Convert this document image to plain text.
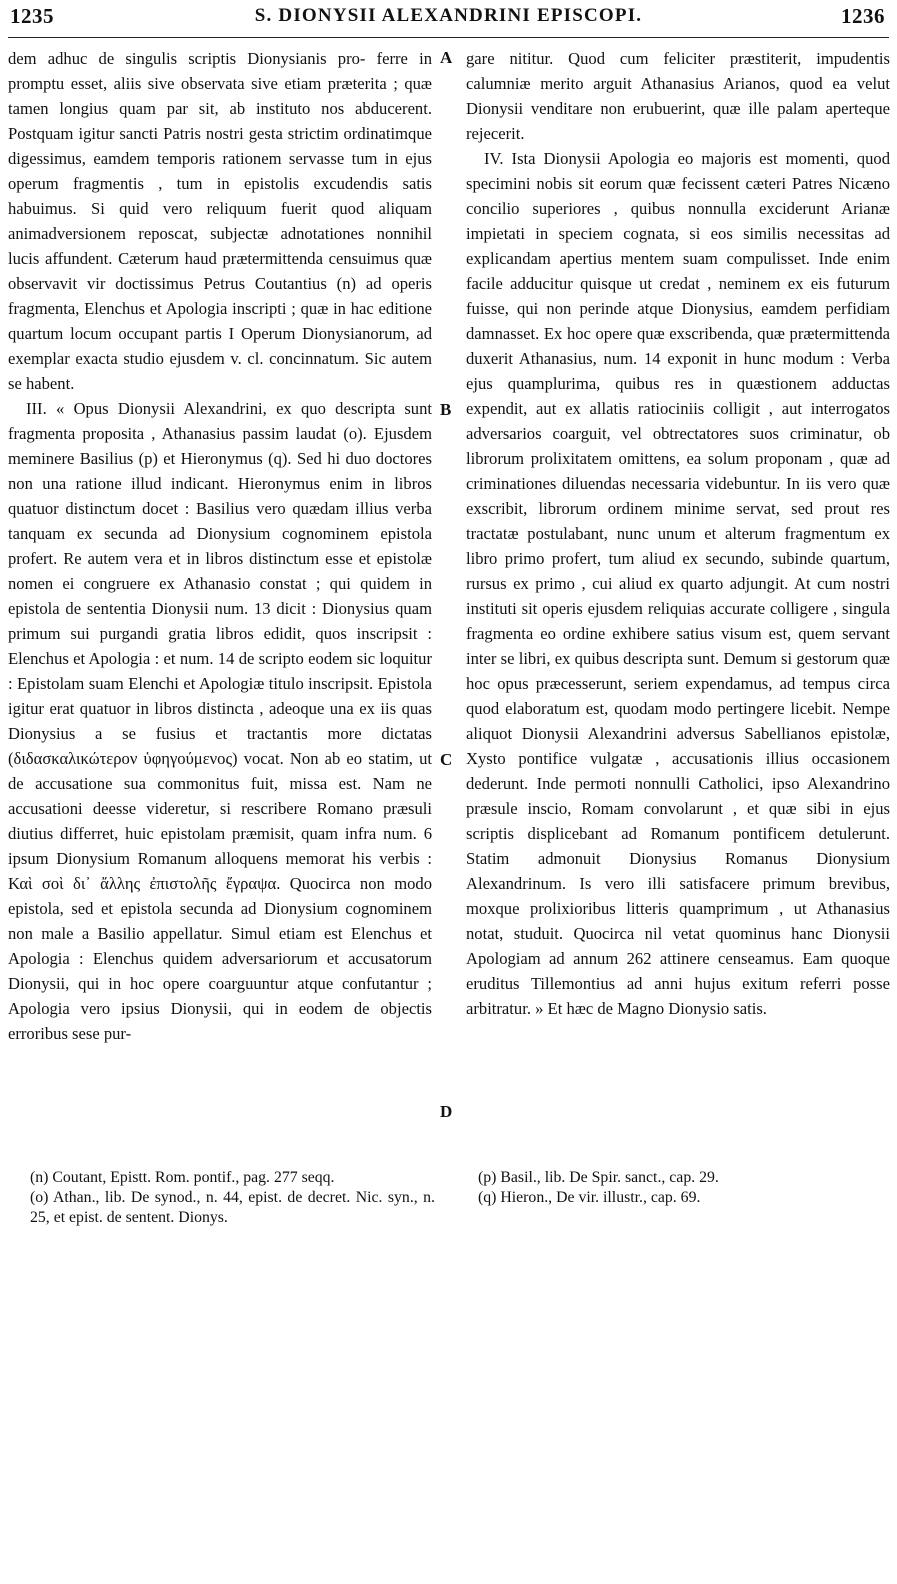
1235	S. DIONYSII ALEXANDRINI EPISCOPI.	1236

dem adhuc de singulis scriptis Dionysianis pro- ferre in promptu esset, aliis sive observata sive etiam præterita ; quæ tamen longius quam par sit, ab instituto nos abducerent. Postquam igitur sancti Patris nostri gesta strictim ordinatimque digessimus, eamdem temporis rationem servasse tum in ejus operum fragmentis , tum in epistolis excudendis satis habuimus. Si quid vero reliquum fuerit quod aliquam animadversionem reposcat, subjectæ adnotationes nonnihil lucis affundent. Cæterum haud prætermittenda censuimus quæ observavit vir doctissimus Petrus Coutantius (n) ad operis fragmenta, Elenchus et Apologia inscripti ; quæ in hac editione quartum locum occupant partis I Operum Dionysianorum, ad exemplar exacta studio ejusdem v. cl. concinnatum. Sic autem se habent.

III. « Opus Dionysii Alexandrini, ex quo descripta sunt fragmenta proposita , Athanasius passim laudat (o). Ejusdem meminere Basilius (p) et Hieronymus (q). Sed hi duo doctores non una ratione illud indicant. Hieronymus enim in libros quatuor distinctum docet : Basilius vero quædam illius verba tanquam ex secunda ad Dionysium cognominem epistola profert. Re autem vera et in libros distinctum esse et epistolæ nomen ei congruere ex Athanasio constat ; qui quidem in epistola de sententia Dionysii num. 13 dicit : Dionysius quam primum sui purgandi gratia libros edidit, quos inscripsit : Elenchus et Apologia : et num. 14 de scripto eodem sic loquitur : Epistolam suam Elenchi et Apologiæ titulo inscripsit. Epistola igitur erat quatuor in libros distincta , adeoque una ex iis quas Dionysius a se fusius et tractantis more dictatas (διδασκαλικώτερον ὑφηγούμενος) vocat. Non ab eo statim, ut de accusatione sua commonitus fuit, missa est. Nam ne accusationi deesse videretur, si rescribere Romano præsuli diutius differret, huic epistolam præmisit, quam infra num. 6 ipsum Dionysium Romanum alloquens memorat his verbis : Καὶ σοὶ δι᾽ ἄλλης ἐπιστολῆς ἔγραψα. Quocirca non modo epistola, sed et epistola secunda ad Dionysium cognominem non male a Basilio appellatur. Simul etiam est Elenchus et Apologia : Elenchus quidem adversariorum et accusatorum Dionysii, qui in hoc opere coarguuntur atque confutantur ; Apologia vero ipsius Dionysii, qui in eodem de objectis erroribus sese pur-

A
B
C
D

gare nititur. Quod cum feliciter præstiterit, impudentis calumniæ merito arguit Athanasius Arianos, quod ea velut Dionysii venditare non erubuerint, quæ ille palam aperteque rejecerit.

IV. Ista Dionysii Apologia eo majoris est momenti, quod specimini nobis sit eorum quæ fecissent cæteri Patres Nicæno concilio superiores , quibus nonnulla exciderunt Arianæ impietati in speciem cognata, si eos similis necessitas ad explicandam apertius mentem suam compulisset. Inde enim facile adducitur quisque ut credat , neminem ex eis futurum fuisse, qui non perinde atque Dionysius, eamdem perfidiam damnasset. Ex hoc opere quæ exscribenda, quæ prætermittenda duxerit Athanasius, num. 14 exponit in hunc modum : Verba ejus quamplurima, quibus res in quæstionem adductas expendit, aut ex allatis ratiociniis colligit , aut interrogatos adversarios coarguit, vel obtrectatores suos criminatur, ob librorum prolixitatem omittens, ea solum proponam , quæ ad criminationes diluendas necessaria videbuntur. In iis vero quæ exscribit, librorum ordinem minime servat, sed prout res tractatæ postulabant, nunc unum et alterum fragmentum ex libro primo profert, tum aliud ex secundo, subinde quartum, rursus ex primo , cui aliud ex quarto adjungit. At cum nostri instituti sit operis ejusdem reliquias accurate colligere , singula fragmenta eo ordine exhibere satius visum est, quem servant inter se libri, ex quibus descripta sunt. Demum si gestorum quæ hoc opus præcesserunt, seriem expendamus, ad tempus circa quod elaboratum est, quodam modo pertingere licebit. Nempe aliquot Dionysii Alexandrini adversus Sabellianos epistolæ, Xysto pontifice vulgatæ , accusationis illius occasionem dederunt. Inde permoti nonnulli Catholici, ipso Alexandrino præsule inscio, Romam convolarunt , et quæ sibi in ejus scriptis displicebant ad Romanum pontificem detulerunt. Statim admonuit Dionysius Romanus Dionysium Alexandrinum. Is vero illi satisfacere primum brevibus, moxque prolixioribus litteris quamprimum , ut Athanasius notat, studuit. Quocirca nil vetat quominus hanc Dionysii Apologiam ad annum 262 attinere censeamus. Eam quoque eruditus Tillemontius ad anni hujus exitum referri posse arbitratur. » Et hæc de Magno Dionysio satis.

(n) Coutant, Epistt. Rom. pontif., pag. 277 seqq.
(o) Athan., lib. De synod., n. 44, epist. de decret. Nic. syn., n. 25, et epist. de sentent. Dionys.
(p) Basil., lib. De Spir. sanct., cap. 29.
(q) Hieron., De vir. illustr., cap. 69.
